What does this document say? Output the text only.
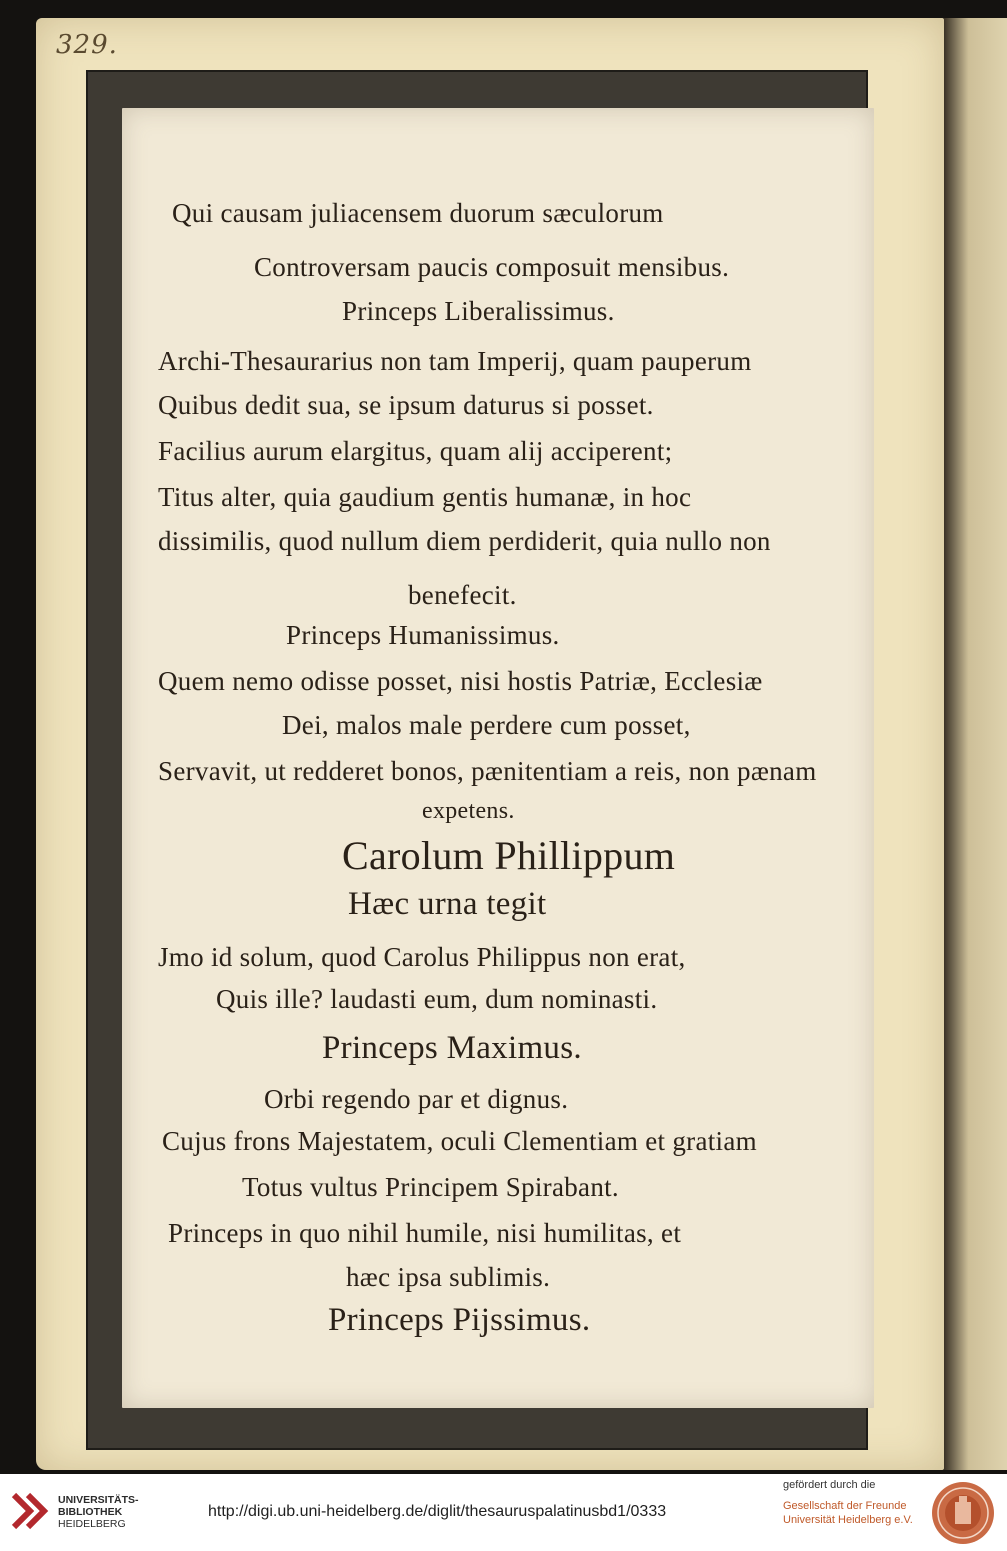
329.
Qui causam juliacensem duorum sæculorum
Controversam paucis composuit mensibus.
Princeps Liberalissimus.
Archi-Thesaurarius non tam Imperij, quam pauperum
Quibus dedit sua, se ipsum daturus si posset.
Facilius aurum elargitus, quam alij acciperent;
Titus alter, quia gaudium gentis humanæ, in hoc
dissimilis, quod nullum diem perdiderit, quia nullo non
benefecit.
Princeps Humanissimus.
Quem nemo odisse posset, nisi hostis Patriæ, Ecclesiæ
Dei, malos male perdere cum posset,
Servavit, ut redderet bonos, pænitentiam a reis, non pænam
expetens.
Carolum Phillippum
Hæc urna tegit
Jmo id solum, quod Carolus Philippus non erat,
Quis ille? laudasti eum, dum nominasti.
Princeps Maximus.
Orbi regendo par et dignus.
Cujus frons Majestatem, oculi Clementiam et gratiam
Totus vultus Principem Spirabant.
Princeps in quo nihil humile, nisi humilitas, et
hæc ipsa sublimis.
Princeps Pijssimus.
UNIVERSITÄTS-
BIBLIOTHEK
HEIDELBERG
http://digi.ub.uni-heidelberg.de/diglit/thesauruspalatinusbd1/0333
gefördert durch die
Gesellschaft der Freunde
Universität Heidelberg e.V.
